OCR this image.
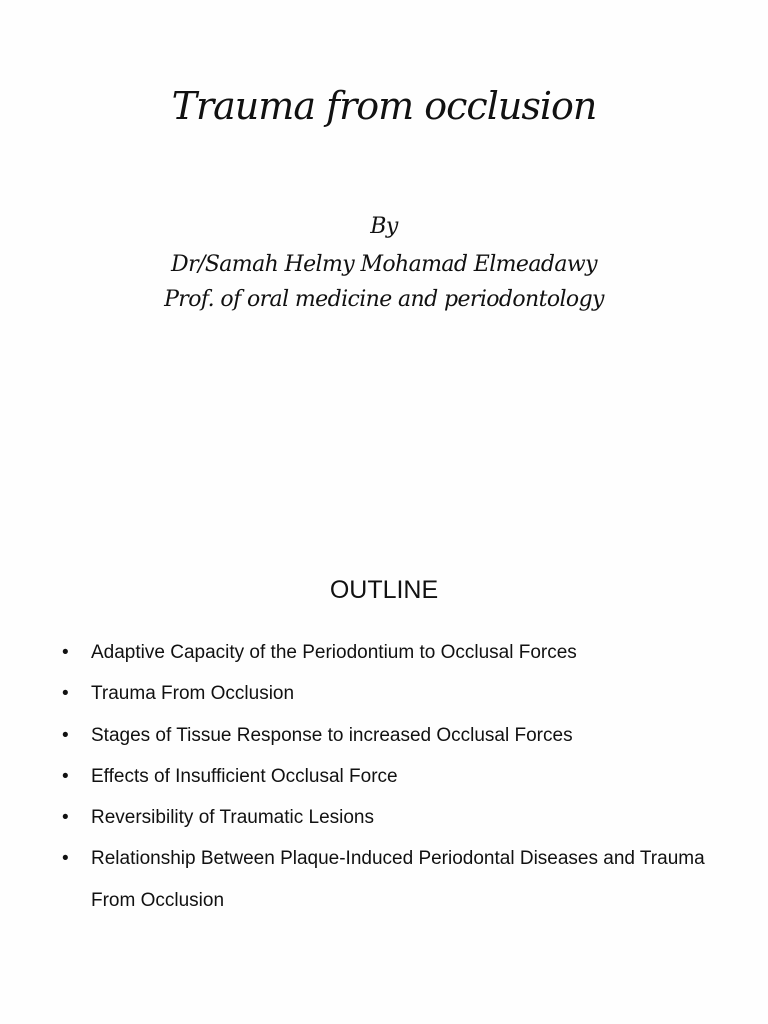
Trauma from occlusion

By

Dr/Samah Helmy Mohamad Elmeadawy

Prof. of oral medicine and periodontology

OUTLINE
• Adaptive Capacity of the Periodontium to Occlusal Forces
• Trauma From Occlusion
• Stages of Tissue Response to increased Occlusal Forces
• Effects of Insufficient Occlusal Force
• Reversibility of Traumatic Lesions
• Relationship Between Plaque-Induced Periodontal Diseases and Trauma From Occlusion
